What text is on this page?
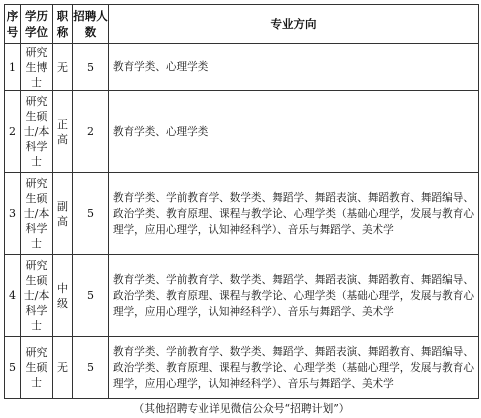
序号	学历学位	职称	招聘人数	专业方向
1	研究生博士	无	5	教育学类、心理学类
2	研究生硕士/本科学士	正高	2	教育学类、心理学类
3	研究生硕士/本科学士	副高	5	教育学类、学前教育学、数学类、舞蹈学、舞蹈表演、舞蹈教育、舞蹈编导、政治学类、教育原理、课程与教学论、心理学类（基础心理学，发展与教育心理学，应用心理学，认知神经科学）、音乐与舞蹈学、美术学
4	研究生硕士/本科学士	中级	5	教育学类、学前教育学、数学类、舞蹈学、舞蹈表演、舞蹈教育、舞蹈编导、政治学类、教育原理、课程与教学论、心理学类（基础心理学，发展与教育心理学，应用心理学，认知神经科学）、音乐与舞蹈学、美术学
5	研究生硕士	无	5	教育学类、学前教育学、数学类、舞蹈学、舞蹈表演、舞蹈教育、舞蹈编导、政治学类、教育原理、课程与教学论、心理学类（基础心理学，发展与教育心理学，应用心理学，认知神经科学）、音乐与舞蹈学、美术学
（其他招聘专业详见微信公众号“招聘计划”）				
